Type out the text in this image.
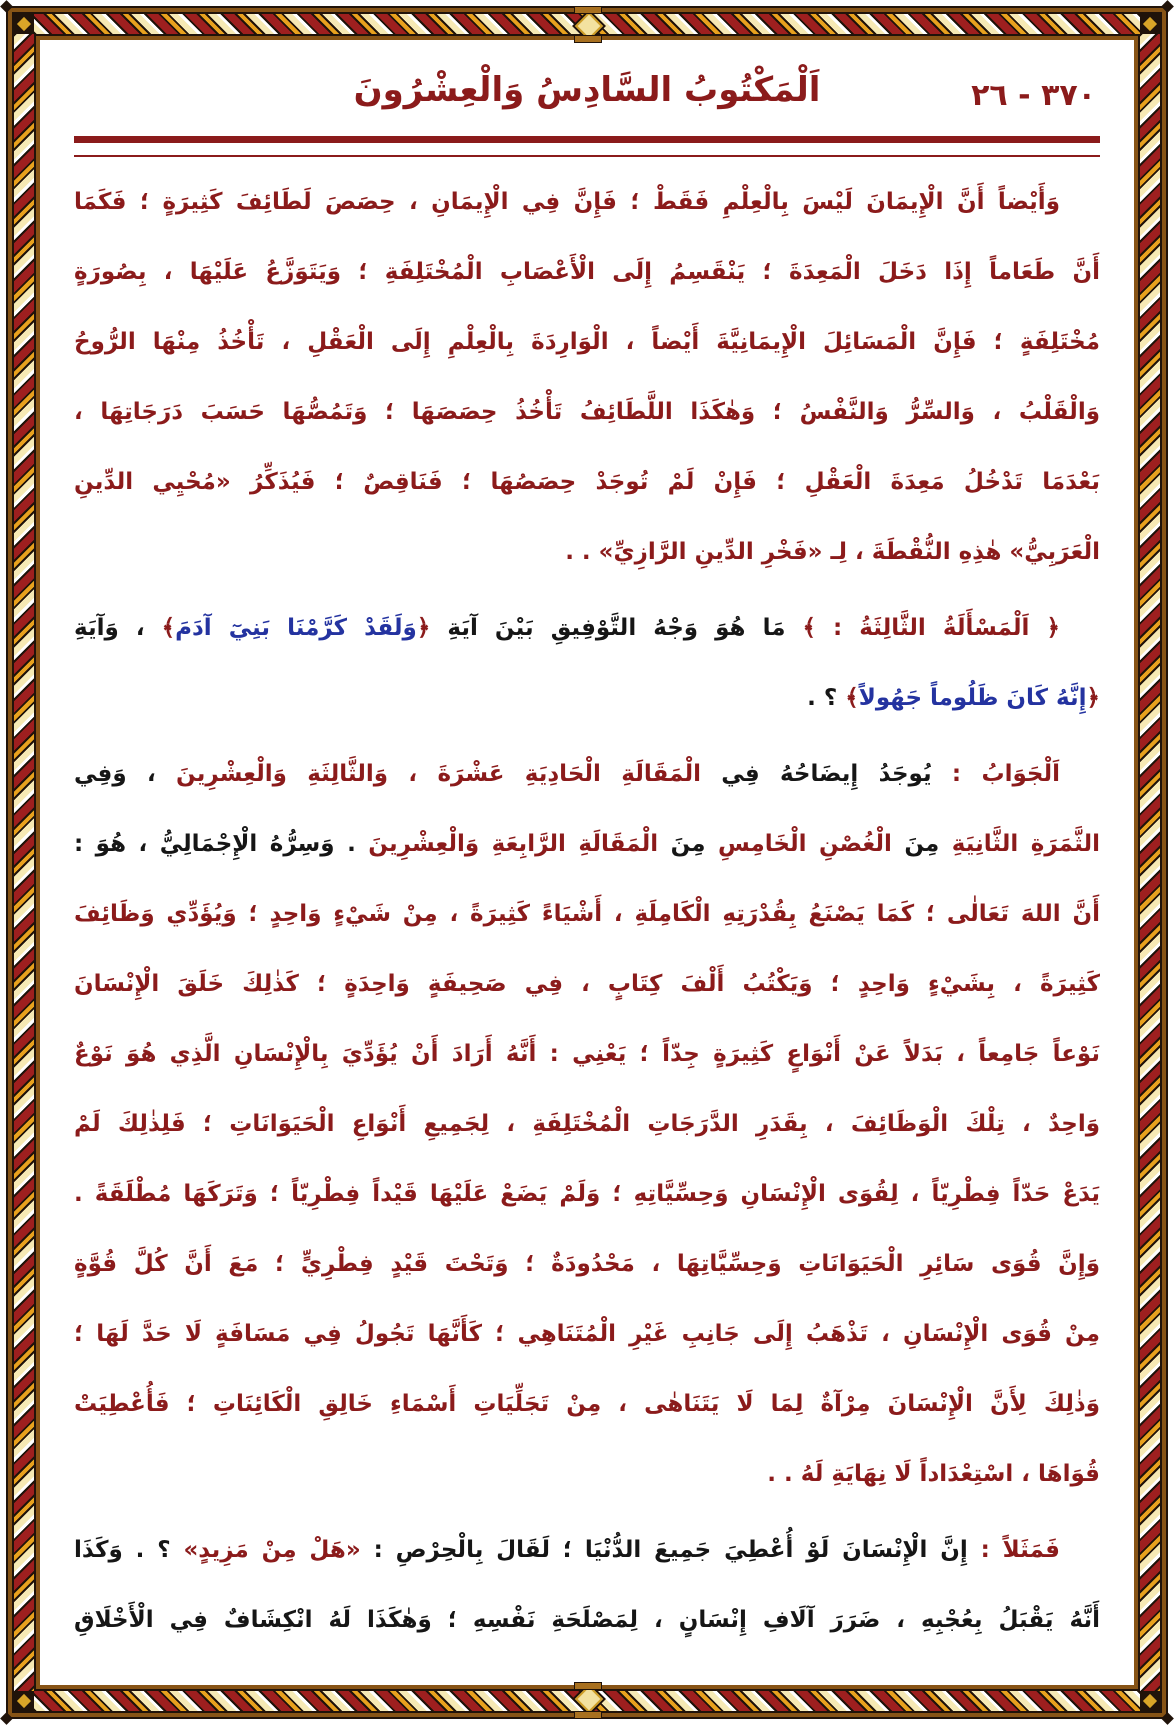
٣٧٠ - ٢٦
اَلْمَكْتُوبُ السَّادِسُ وَالْعِشْرُونَ
وَأَيْضاً أَنَّ الْإِيمَانَ لَيْسَ بِالْعِلْمِ فَقَطْ ؛ فَإِنَّ فِي الْإِيمَانِ ، حِصَصَ لَطَائِفَ كَثِيرَةٍ ؛ فَكَمَا
أَنَّ طَعَاماً إِذَا دَخَلَ الْمَعِدَةَ ؛ يَنْقَسِمُ إِلَى الْأَعْصَابِ الْمُخْتَلِفَةِ ؛ وَيَتَوَزَّعُ عَلَيْهَا ، بِصُورَةٍ
مُخْتَلِفَةٍ ؛ فَإِنَّ الْمَسَائِلَ الْإِيمَانِيَّةَ أَيْضاً ، الْوَارِدَةَ بِالْعِلْمِ إِلَى الْعَقْلِ ، تَأْخُذُ مِنْهَا الرُّوحُ
وَالْقَلْبُ ، وَالسِّرُّ وَالنَّفْسُ ؛ وَهٰكَذَا اللَّطَائِفُ تَأْخُذُ حِصَصَهَا ؛ وَتَمُصُّهَا حَسَبَ دَرَجَاتِهَا ،
بَعْدَمَا تَدْخُلُ مَعِدَةَ الْعَقْلِ ؛ فَإِنْ لَمْ تُوجَدْ حِصَصُهَا ؛ فَنَاقِصٌ ؛ فَيُذَكِّرُ «مُحْيِي الدِّينِ
الْعَرَبِيُّ» هٰذِهِ النُّقْطَةَ ، لِـ «فَخْرِ الدِّينِ الرَّازِيِّ» . .
﴿ اَلْمَسْأَلَةُ الثَّالِثَةُ : ﴾ مَا هُوَ وَجْهُ التَّوْفِيقِ بَيْنَ آيَةِ ﴿وَلَقَدْ كَرَّمْنَا بَنِيٓ آدَمَ﴾ ، وَآيَةِ
﴿إِنَّهُ كَانَ ظَلُوماً جَهُولاً﴾ ؟ .
اَلْجَوَابُ : يُوجَدُ إِيضَاحُهُ فِي الْمَقَالَةِ الْحَادِيَةِ عَشْرَةَ ، وَالثَّالِثَةِ وَالْعِشْرِينَ ، وَفِي
الثَّمَرَةِ الثَّانِيَةِ مِنَ الْغُصْنِ الْخَامِسِ مِنَ الْمَقَالَةِ الرَّابِعَةِ وَالْعِشْرِينَ . وَسِرُّهُ الْإِجْمَالِيُّ ، هُوَ :
أَنَّ اللهَ تَعَالٰى ؛ كَمَا يَصْنَعُ بِقُدْرَتِهِ الْكَامِلَةِ ، أَشْيَاءً كَثِيرَةً ، مِنْ شَيْءٍ وَاحِدٍ ؛ وَيُؤَدِّي وَظَائِفَ
كَثِيرَةً ، بِشَيْءٍ وَاحِدٍ ؛ وَيَكْتُبُ أَلْفَ كِتَابٍ ، فِي صَحِيفَةٍ وَاحِدَةٍ ؛ كَذٰلِكَ خَلَقَ الْإِنْسَانَ
نَوْعاً جَامِعاً ، بَدَلاً عَنْ أَنْوَاعٍ كَثِيرَةٍ جِدّاً ؛ يَعْنِي : أَنَّهُ أَرَادَ أَنْ يُؤَدِّيَ بِالْإِنْسَانِ الَّذِي هُوَ نَوْعٌ
وَاحِدٌ ، تِلْكَ الْوَظَائِفَ ، بِقَدَرِ الدَّرَجَاتِ الْمُخْتَلِفَةِ ، لِجَمِيعِ أَنْوَاعِ الْحَيَوَانَاتِ ؛ فَلِذٰلِكَ لَمْ
يَدَعْ حَدّاً فِطْرِيّاً ، لِقُوَى الْإِنْسَانِ وَحِسِّيَّاتِهِ ؛ وَلَمْ يَضَعْ عَلَيْهَا قَيْداً فِطْرِيّاً ؛ وَتَرَكَهَا مُطْلَقَةً .
وَإِنَّ قُوَى سَائِرِ الْحَيَوَانَاتِ وَحِسِّيَّاتِهَا ، مَحْدُودَةٌ ؛ وَتَحْتَ قَيْدٍ فِطْرِيٍّ ؛ مَعَ أَنَّ كُلَّ قُوَّةٍ
مِنْ قُوَى الْإِنْسَانِ ، تَذْهَبُ إِلَى جَانِبِ غَيْرِ الْمُتَنَاهِي ؛ كَأَنَّهَا تَجُولُ فِي مَسَافَةٍ لَا حَدَّ لَهَا ؛
وَذٰلِكَ لِأَنَّ الْإِنْسَانَ مِرْآةٌ لِمَا لَا يَتَنَاهٰى ، مِنْ تَجَلِّيَاتِ أَسْمَاءِ خَالِقِ الْكَائِنَاتِ ؛ فَأُعْطِيَتْ
قُوَاهَا ، اسْتِعْدَاداً لَا نِهَايَةِ لَهُ . .
فَمَثَلاً : إِنَّ الْإِنْسَانَ لَوْ أُعْطِيَ جَمِيعَ الدُّنْيَا ؛ لَقَالَ بِالْحِرْصِ : «هَلْ مِنْ مَزِيدٍ» ؟ . وَكَذَا
أَنَّهُ يَقْبَلُ بِعُجْبِهِ ، ضَرَرَ آلَافِ إِنْسَانٍ ، لِمَصْلَحَةِ نَفْسِهِ ؛ وَهٰكَذَا لَهُ انْكِشَافٌ فِي الْأَخْلَاقِ
